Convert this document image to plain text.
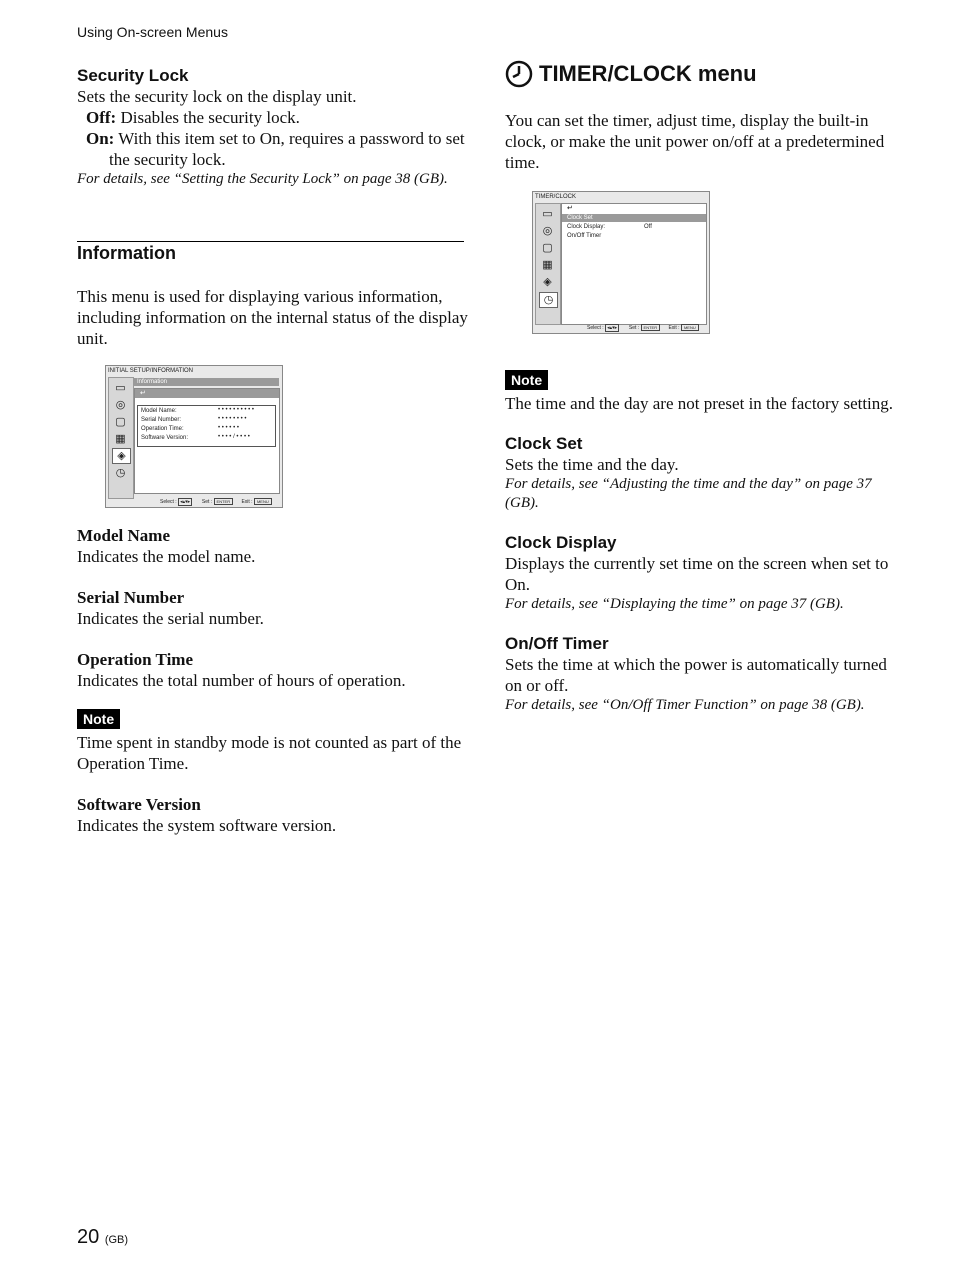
Using On-screen Menus
Security Lock

Sets the security lock on the display unit.

Off: Disables the security lock.

On: With this item set to On, requires a password to set the security lock.

For details, see “Setting the Security Lock” on page 38 (GB).

Information

This menu is used for displaying various information, including information on the internal status of the display unit.

INITIAL SETUP/INFORMATION
▭
◎
▢
▦
◈
◷
Information
↵
Model Name:	• • • • • • • • • •
Serial Number:	• • • • • • • •
Operation Time:	• • • • • •
Software Version:	• • • • / • • • •
Select : ◂▴▾▸ Set : ENTER Exit : MENU
Model Name

Indicates the model name.

Serial Number

Indicates the serial number.

Operation Time

Indicates the total number of hours of operation.

Note

Time spent in standby mode is not counted as part of the Operation Time.

Software Version

Indicates the system software version.

TIMER/CLOCK menu

You can set the timer, adjust time, display the built-in clock, or make the unit power on/off at a predetermined time.

TIMER/CLOCK
▭
◎
▢
▦
◈
◷
↵
Clock Set
Clock Display:	Off
On/Off Timer
Select : ◂▴▾▸ Set : ENTER Exit : MENU
Note

The time and the day are not preset in the factory setting.

Clock Set

Sets the time and the day.

For details, see “Adjusting the time and the day” on page 37 (GB).

Clock Display

Displays the currently set time on the screen when set to On.

For details, see “Displaying the time” on page 37 (GB).

On/Off Timer

Sets the time at which the power is automatically turned on or off.

For details, see “On/Off Timer Function” on page 38 (GB).

20 (GB)
